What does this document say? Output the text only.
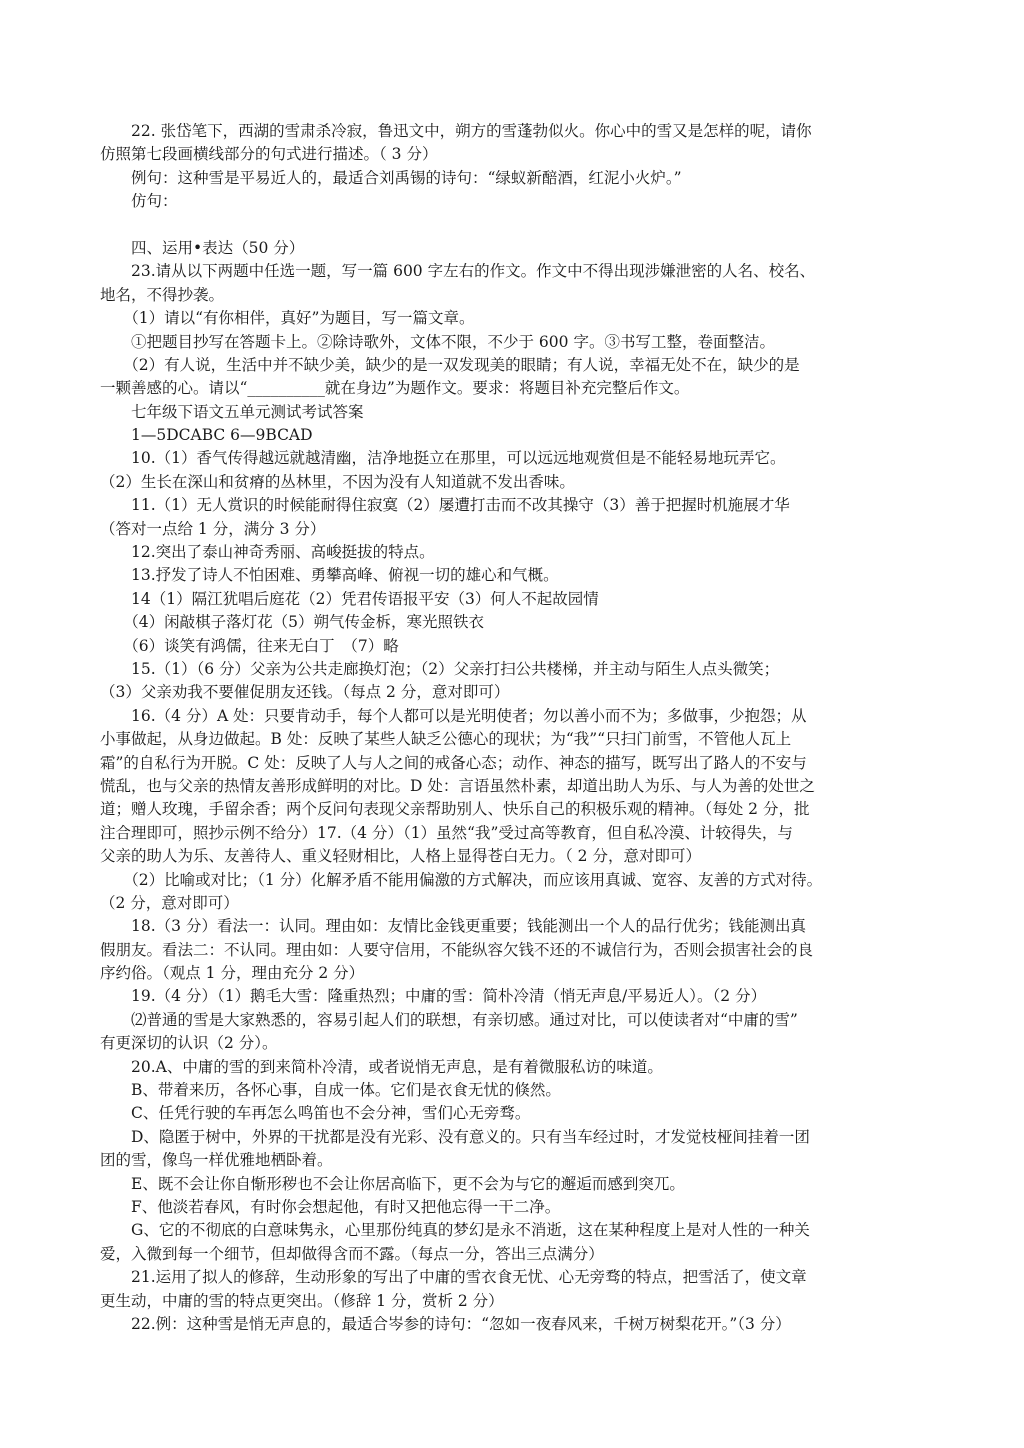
　　22. 张岱笔下，西湖的雪肃杀冷寂，鲁迅文中，朔方的雪蓬勃似火。你心中的雪又是怎样的呢，请你
仿照第七段画横线部分的句式进行描述。（ 3 分）
　　例句：这种雪是平易近人的，最适合刘禹锡的诗句：“绿蚁新醅酒，红泥小火炉。”
　　仿句：
　　四、运用•表达（50 分）
　　23.请从以下两题中任选一题，写一篇 600 字左右的作文。作文中不得出现涉嫌泄密的人名、校名、
地名，不得抄袭。
　　（1）请以“有你相伴，真好”为题目，写一篇文章。
　　①把题目抄写在答题卡上。②除诗歌外，文体不限，不少于 600 字。③书写工整，卷面整洁。
　　（2）有人说，生活中并不缺少美，缺少的是一双发现美的眼睛；有人说，幸福无处不在，缺少的是
一颗善感的心。请以“__________就在身边”为题作文。要求：将题目补充完整后作文。
　　七年级下语文五单元测试考试答案
　　1—5DCABC 6—9BCAD
　　10.（1）香气传得越远就越清幽，洁净地挺立在那里，可以远远地观赏但是不能轻易地玩弄它。
（2）生长在深山和贫瘠的丛林里，不因为没有人知道就不发出香味。
　　11.（1）无人赏识的时候能耐得住寂寞（2）屡遭打击而不改其操守（3）善于把握时机施展才华
（答对一点给 1 分，满分 3 分）
　　12.突出了泰山神奇秀丽、高峻挺拔的特点。
　　13.抒发了诗人不怕困难、勇攀高峰、俯视一切的雄心和气概。
　　14（1）隔江犹唱后庭花（2）凭君传语报平安（3）何人不起故园情
　　（4）闲敲棋子落灯花（5）朔气传金柝，寒光照铁衣
　　（6）谈笑有鸿儒，往来无白丁　（7）略
　　15.（1）（6 分）父亲为公共走廊换灯泡；（2）父亲打扫公共楼梯，并主动与陌生人点头微笑；
（3）父亲劝我不要催促朋友还钱。（每点 2 分，意对即可）
　　16.（4 分）A 处：只要肯动手，每个人都可以是光明使者；勿以善小而不为；多做事，少抱怨；从
小事做起，从身边做起。B 处：反映了某些人缺乏公德心的现状；为“我”“只扫门前雪，不管他人瓦上
霜”的自私行为开脱。C 处：反映了人与人之间的戒备心态；动作、神态的描写，既写出了路人的不安与
慌乱，也与父亲的热情友善形成鲜明的对比。D 处：言语虽然朴素，却道出助人为乐、与人为善的处世之
道；赠人玫瑰，手留余香；两个反问句表现父亲帮助别人、快乐自己的积极乐观的精神。（每处 2 分，批
注合理即可，照抄示例不给分）17.（4 分）（1）虽然“我”受过高等教育，但自私冷漠、计较得失，与
父亲的助人为乐、友善待人、重义轻财相比，人格上显得苍白无力。（ 2 分，意对即可）
　　（2）比喻或对比；（1 分）化解矛盾不能用偏激的方式解决，而应该用真诚、宽容、友善的方式对待。
（2 分，意对即可）
　　18.（3 分）看法一：认同。理由如：友情比金钱更重要；钱能测出一个人的品行优劣；钱能测出真
假朋友。看法二：不认同。理由如：人要守信用，不能纵容欠钱不还的不诚信行为，否则会损害社会的良
序约俗。（观点 1 分，理由充分 2 分）
　　19.（4 分）（1）鹅毛大雪：隆重热烈；中庸的雪：简朴冷清（悄无声息/平易近人）。（2 分）
　　⑵普通的雪是大家熟悉的，容易引起人们的联想，有亲切感。通过对比，可以使读者对“中庸的雪”
有更深切的认识（2 分）。
　　20.A、中庸的雪的到来简朴冷清，或者说悄无声息，是有着微服私访的味道。
　　B、带着来历，各怀心事，自成一体。它们是衣食无忧的倏然。
　　C、任凭行驶的车再怎么鸣笛也不会分神，雪们心无旁骛。
　　D、隐匿于树中，外界的干扰都是没有光彩、没有意义的。只有当车经过时，才发觉枝桠间挂着一团
团的雪，像鸟一样优雅地栖卧着。
　　E、既不会让你自惭形秽也不会让你居高临下，更不会为与它的邂逅而感到突兀。
　　F、他淡若春风，有时你会想起他，有时又把他忘得一干二净。
　　G、它的不彻底的白意味隽永，心里那份纯真的梦幻是永不消逝，这在某种程度上是对人性的一种关
爱，入微到每一个细节，但却做得含而不露。（每点一分，答出三点满分）
　　21.运用了拟人的修辞，生动形象的写出了中庸的雪衣食无忧、心无旁骛的特点，把雪活了，使文章
更生动，中庸的雪的特点更突出。（修辞 1 分，赏析 2 分）
　　22.例：这种雪是悄无声息的，最适合岑参的诗句：“忽如一夜春风来，千树万树梨花开。”（3 分）
